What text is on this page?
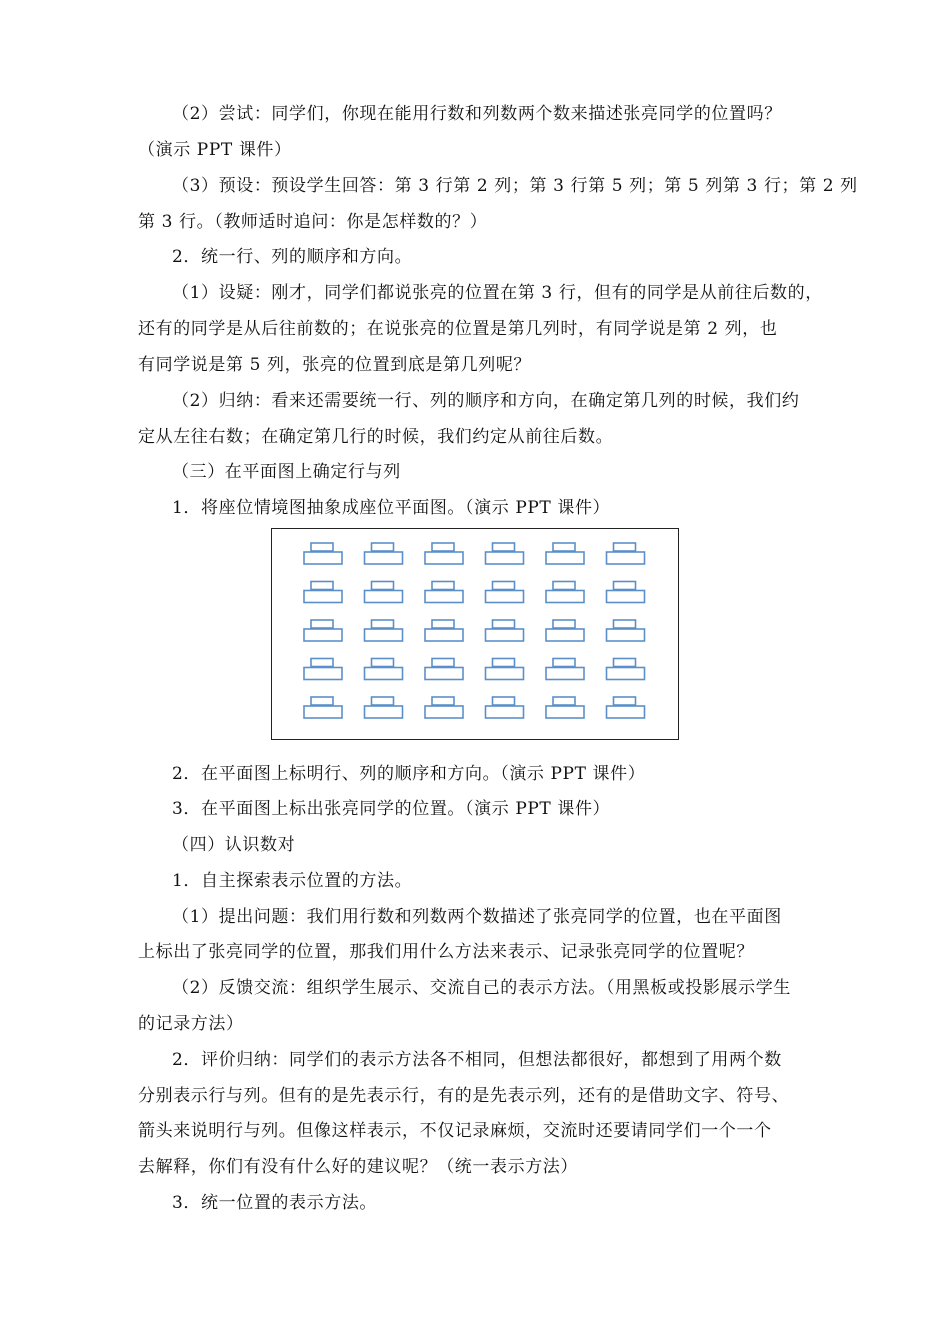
（2）尝试：同学们，你现在能用行数和列数两个数来描述张亮同学的位置吗？
（演示 PPT 课件）
（3）预设：预设学生回答：第 3 行第 2 列；第 3 行第 5 列；第 5 列第 3 行；第 2 列
第 3 行。（教师适时追问：你是怎样数的？）
2．统一行、列的顺序和方向。
（1）设疑：刚才，同学们都说张亮的位置在第 3 行，但有的同学是从前往后数的，
还有的同学是从后往前数的；在说张亮的位置是第几列时，有同学说是第 2 列，也
有同学说是第 5 列，张亮的位置到底是第几列呢？
（2）归纳：看来还需要统一行、列的顺序和方向，在确定第几列的时候，我们约
定从左往右数；在确定第几行的时候，我们约定从前往后数。
（三）在平面图上确定行与列
1．将座位情境图抽象成座位平面图。（演示 PPT 课件）
2．在平面图上标明行、列的顺序和方向。（演示 PPT 课件）
3．在平面图上标出张亮同学的位置。（演示 PPT 课件）
（四）认识数对
1．自主探索表示位置的方法。
（1）提出问题：我们用行数和列数两个数描述了张亮同学的位置，也在平面图
上标出了张亮同学的位置，那我们用什么方法来表示、记录张亮同学的位置呢？
（2）反馈交流：组织学生展示、交流自己的表示方法。（用黑板或投影展示学生
的记录方法）
2．评价归纳：同学们的表示方法各不相同，但想法都很好，都想到了用两个数
分别表示行与列。但有的是先表示行，有的是先表示列，还有的是借助文字、符号、
箭头来说明行与列。但像这样表示，不仅记录麻烦，交流时还要请同学们一个一个
去解释，你们有没有什么好的建议呢？（统一表示方法）
3．统一位置的表示方法。
